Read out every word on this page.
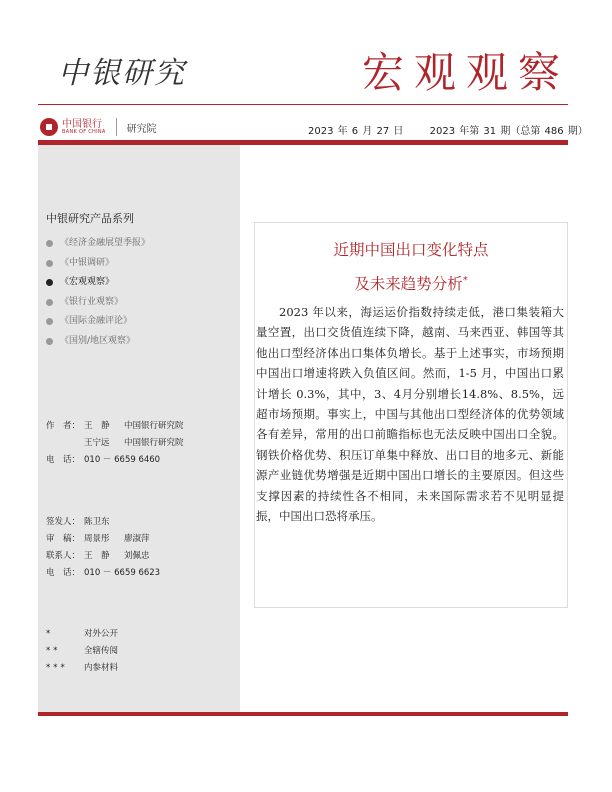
中银研究	宏观观察
中国银行
BANK OF CHINA 研究院	2023 年 6 月 27 日	2023 年第 31 期（总第 486 期）
中银研究产品系列
《经济金融展望季报》
《中银调研》
《宏观观察》
《银行业观察》
《国际金融评论》
《国别/地区观察》
作　者： 王　静 中国银行研究院
王宁远 中国银行研究院
电　话： 010 － 6659 6460
签发人： 陈卫东
审　稿： 周景彤 廖淑萍
联系人： 王　静 刘佩忠
电　话： 010 － 6659 6623
*	对外公开
**	全辖传阅
*** 内参材料
近期中国出口变化特点
及未来趋势分析*

2023 年以来，海运运价指数持续走低，港口集装箱大量空置，出口交货值连续下降，越南、马来西亚、韩国等其他出口型经济体出口集体负增长。基于上述事实，市场预期中国出口增速将跌入负值区间。然而，1-5 月，中国出口累计增长 0.3%，其中，3、4月分别增长14.8%、8.5%，远超市场预期。事实上，中国与其他出口型经济体的优势领域各有差异，常用的出口前瞻指标也无法反映中国出口全貌。钢铁价格优势、积压订单集中释放、出口目的地多元、新能源产业链优势增强是近期中国出口增长的主要原因。但这些支撑因素的持续性各不相同，未来国际需求若不见明显提振，中国出口恐将承压。
